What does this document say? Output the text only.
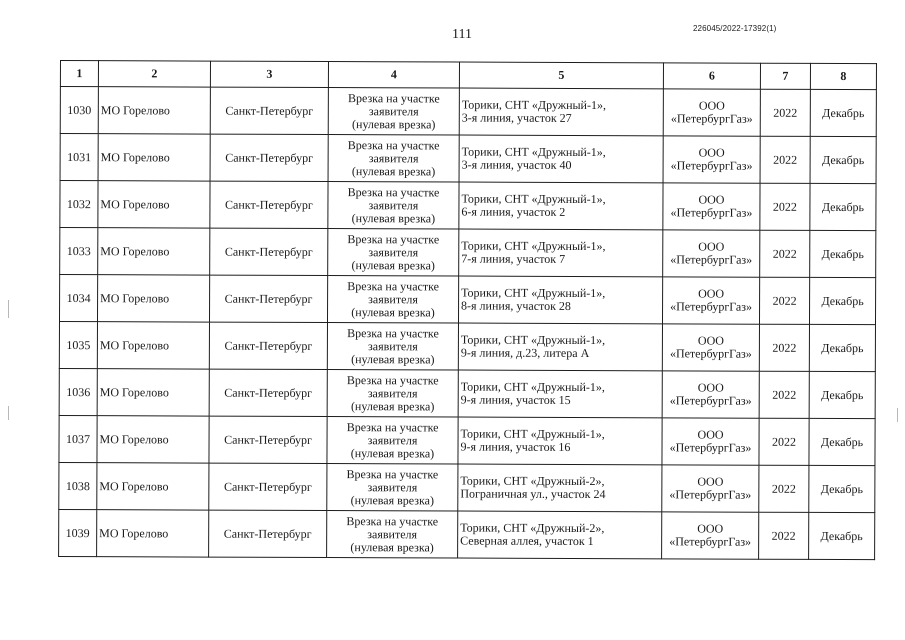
111	226045/2022-17392(1)
1	2	3	4	5	6	7	8
1030	МО Горелово	Санкт-Петербург	Врезка на участке
заявителя
(нулевая врезка)	Торики, СНТ «Дружный-1»,
3-я линия, участок 27	ООО
«ПетербургГаз»	2022	Декабрь
1031	МО Горелово	Санкт-Петербург	Врезка на участке
заявителя
(нулевая врезка)	Торики, СНТ «Дружный-1»,
3-я линия, участок 40	ООО
«ПетербургГаз»	2022	Декабрь
1032	МО Горелово	Санкт-Петербург	Врезка на участке
заявителя
(нулевая врезка)	Торики, СНТ «Дружный-1»,
6-я линия, участок 2	ООО
«ПетербургГаз»	2022	Декабрь
1033	МО Горелово	Санкт-Петербург	Врезка на участке
заявителя
(нулевая врезка)	Торики, СНТ «Дружный-1»,
7-я линия, участок 7	ООО
«ПетербургГаз»	2022	Декабрь
1034	МО Горелово	Санкт-Петербург	Врезка на участке
заявителя
(нулевая врезка)	Торики, СНТ «Дружный-1»,
8-я линия, участок 28	ООО
«ПетербургГаз»	2022	Декабрь
1035	МО Горелово	Санкт-Петербург	Врезка на участке
заявителя
(нулевая врезка)	Торики, СНТ «Дружный-1»,
9-я линия, д.23, литера А	ООО
«ПетербургГаз»	2022	Декабрь
1036	МО Горелово	Санкт-Петербург	Врезка на участке
заявителя
(нулевая врезка)	Торики, СНТ «Дружный-1»,
9-я линия, участок 15	ООО
«ПетербургГаз»	2022	Декабрь
1037	МО Горелово	Санкт-Петербург	Врезка на участке
заявителя
(нулевая врезка)	Торики, СНТ «Дружный-1»,
9-я линия, участок 16	ООО
«ПетербургГаз»	2022	Декабрь
1038	МО Горелово	Санкт-Петербург	Врезка на участке
заявителя
(нулевая врезка)	Торики, СНТ «Дружный-2»,
Пограничная ул., участок 24	ООО
«ПетербургГаз»	2022	Декабрь
1039	МО Горелово	Санкт-Петербург	Врезка на участке
заявителя
(нулевая врезка)	Торики, СНТ «Дружный-2»,
Северная аллея, участок 1	ООО
«ПетербургГаз»	2022	Декабрь
